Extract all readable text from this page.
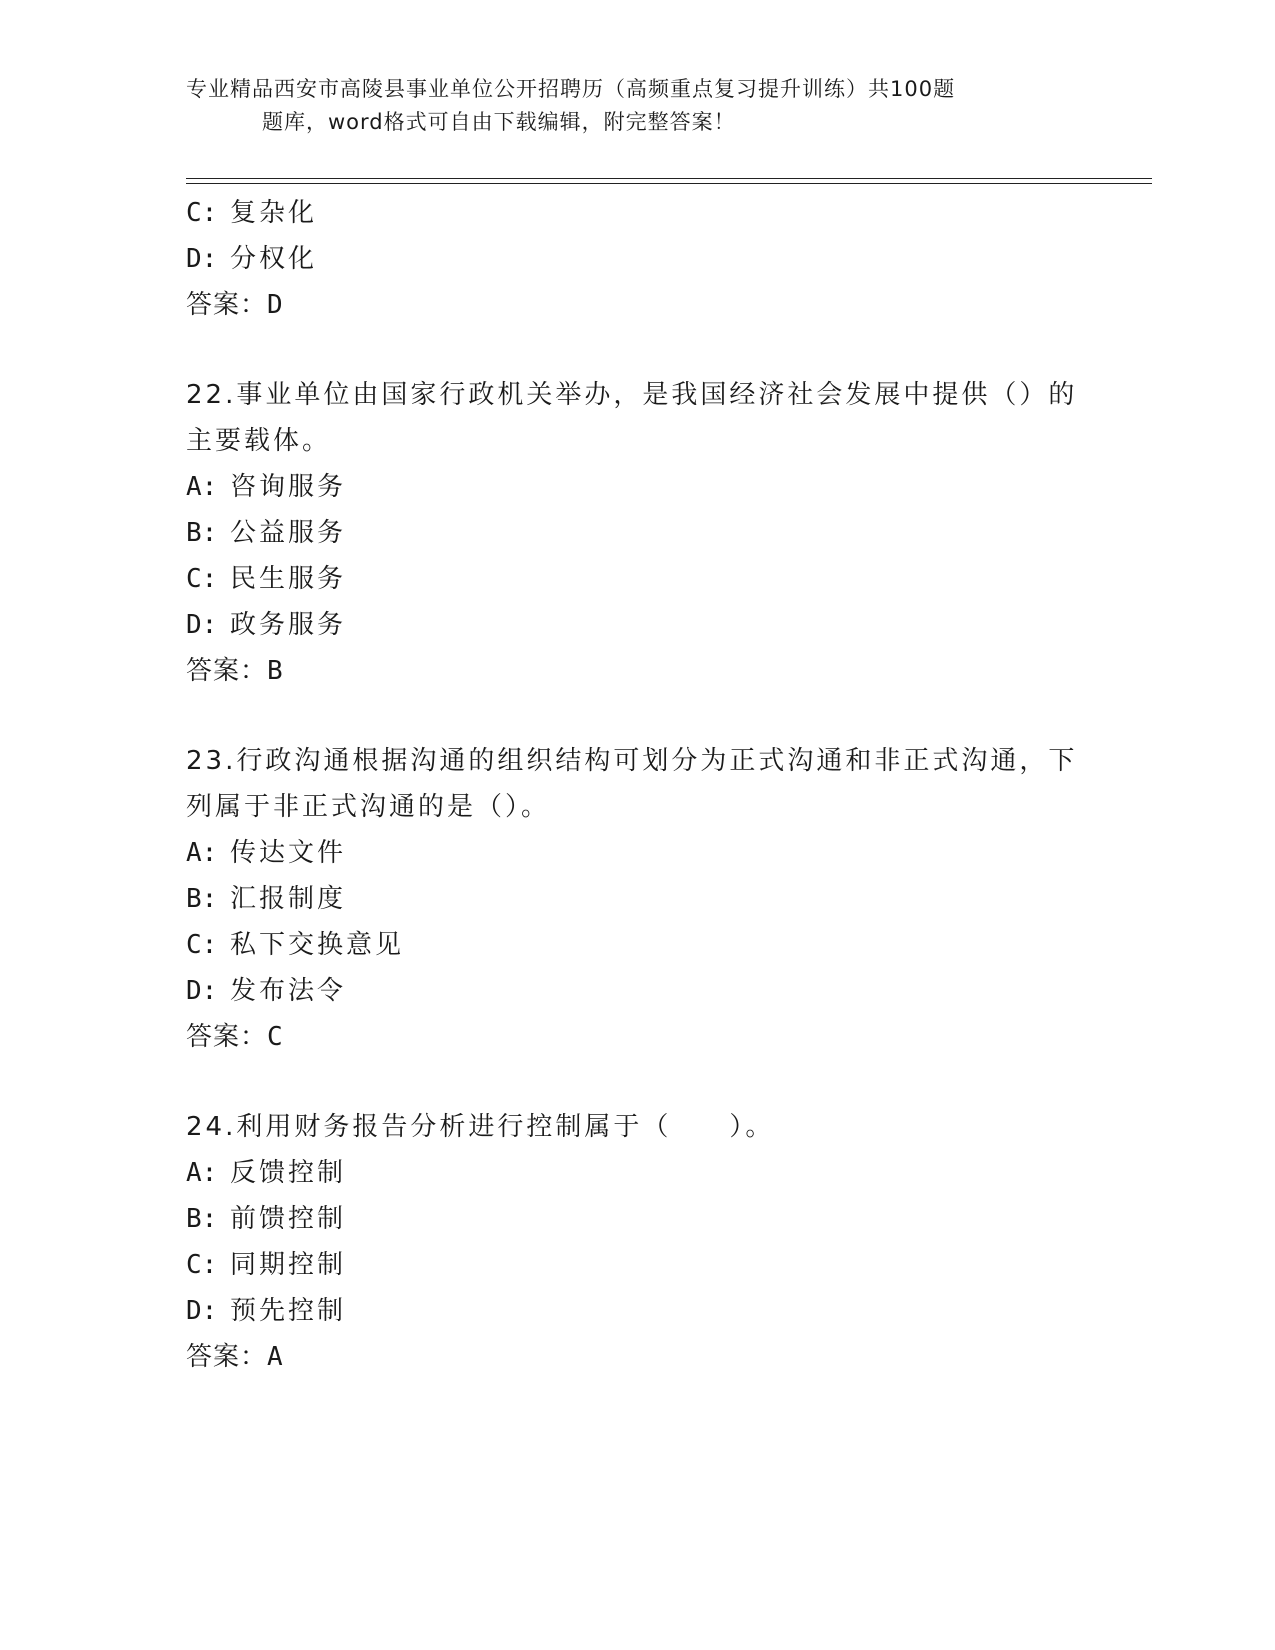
专业精品西安市高陵县事业单位公开招聘历（高频重点复习提升训练）共100题
题库，word格式可自由下载编辑，附完整答案！
C: 复杂化
D: 分权化
答案：D
22.事业单位由国家行政机关举办，是我国经济社会发展中提供（）的
主要载体。
A: 咨询服务
B: 公益服务
C: 民生服务
D: 政务服务
答案：B
23.行政沟通根据沟通的组织结构可划分为正式沟通和非正式沟通，下
列属于非正式沟通的是（）。
A: 传达文件
B: 汇报制度
C: 私下交换意见
D: 发布法令
答案：C
24.利用财务报告分析进行控制属于（　　）。
A: 反馈控制
B: 前馈控制
C: 同期控制
D: 预先控制
答案：A
